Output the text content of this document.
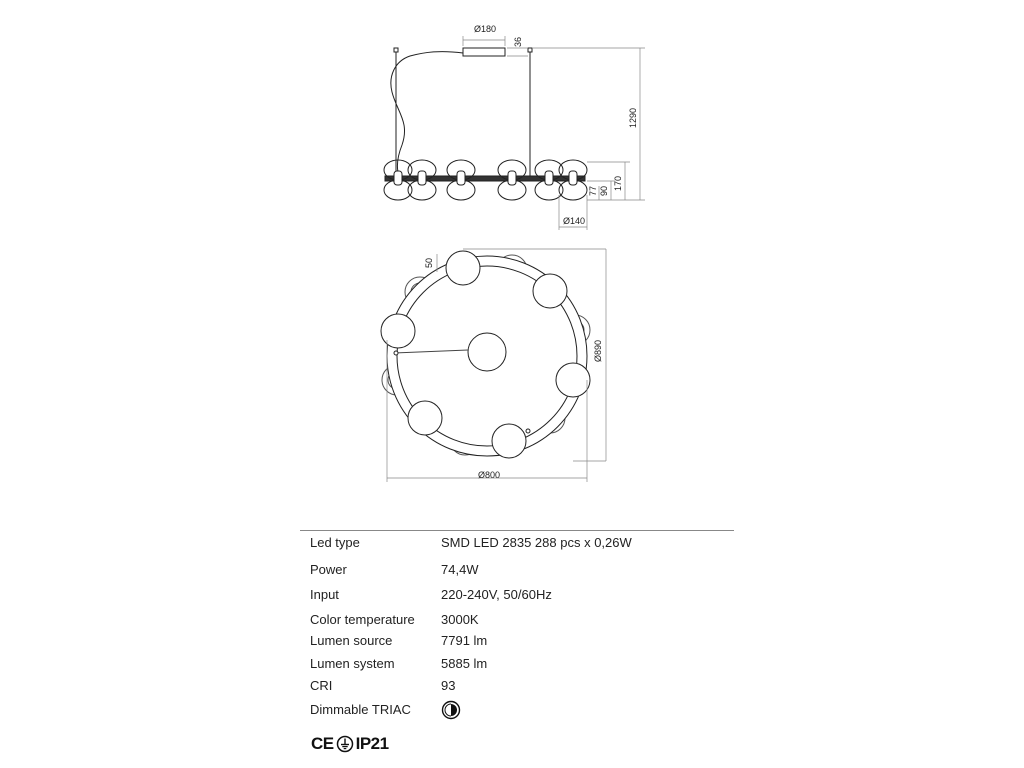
Ø180
36
1290
170
90
77
Ø140
50
Ø890
Ø800
Led type	SMD LED 2835 288 pcs x 0,26W
Power	74,4W
Input	220-240V, 50/60Hz
Color temperature 3000K
Lumen source	7791 lm
Lumen system	5885 lm
CRI	93
Dimmable TRIAC
CE IP21
